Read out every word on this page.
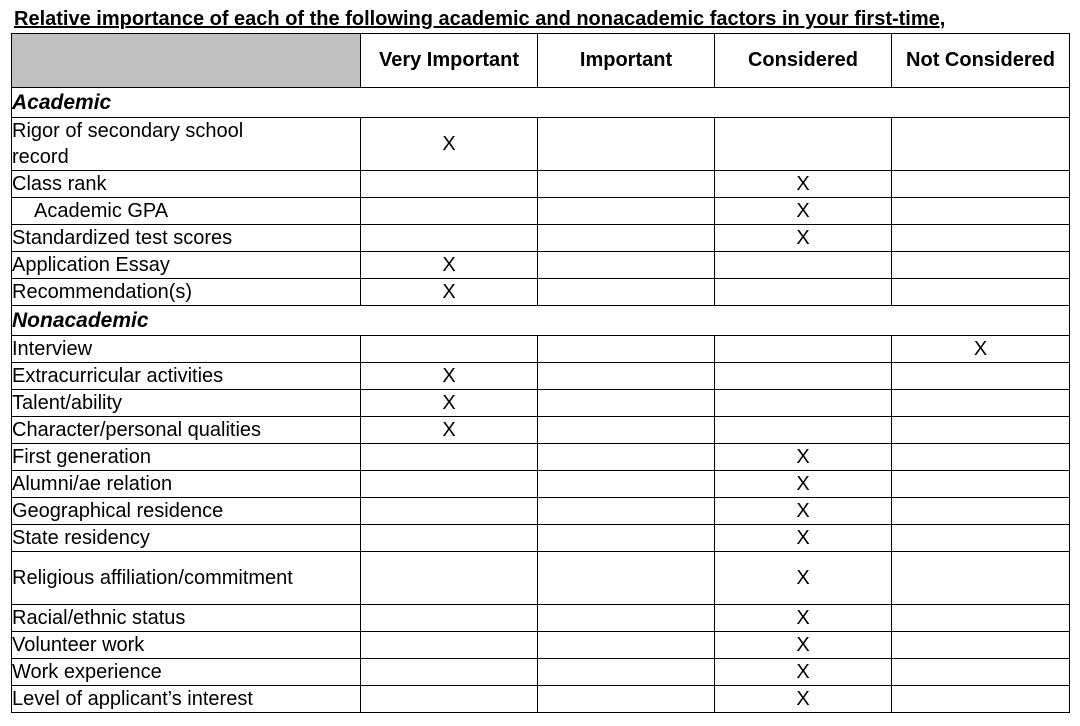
Relative importance of each of the following academic and nonacademic factors in your first-time,
	Very Important	Important	Considered	Not Considered
Academic				
Rigor of secondary school record	X			
Class rank			X	
Academic GPA			X	
Standardized test scores			X	
Application Essay	X			
Recommendation(s)	X			
Nonacademic				
Interview				X
Extracurricular activities	X			
Talent/ability	X			
Character/personal qualities	X			
First generation			X	
Alumni/ae relation			X	
Geographical residence			X	
State residency			X	
Religious affiliation/commitment			X	
Racial/ethnic status			X	
Volunteer work			X	
Work experience			X	
Level of applicant’s interest			X	
